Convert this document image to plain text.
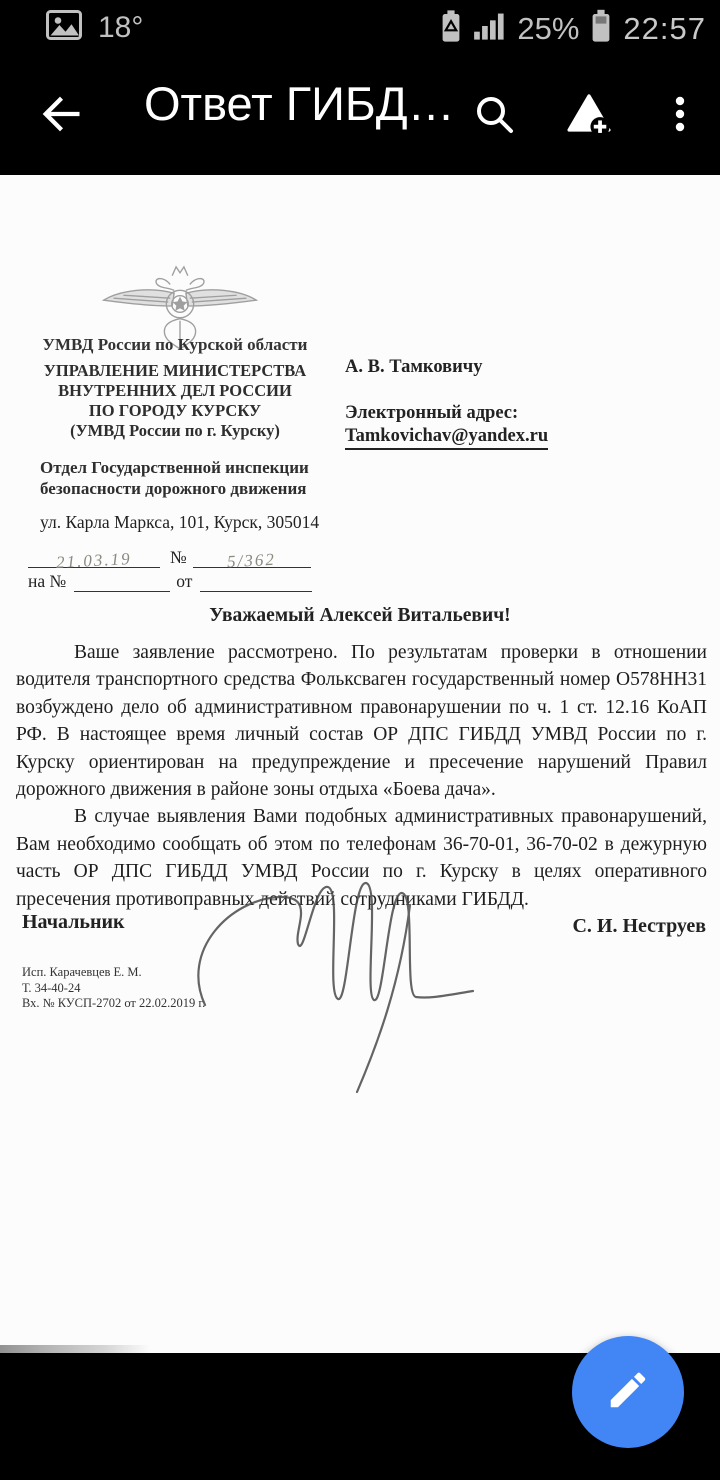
18°	25% 22:57
Ответ ГИБД…
УМВД России по Курской области
УПРАВЛЕНИЕ МИНИСТЕРСТВА
ВНУТРЕННИХ ДЕЛ РОССИИ
ПО ГОРОДУ КУРСКУ
(УМВД России по г. Курску)
А. В. Тамковичу
Электронный адрес:
Tamkovichav@yandex.ru
Отдел Государственной инспекции
безопасности дорожного движения
ул. Карла Маркса, 101, Курск, 305014
21.03.19	№	5/362
на №	от
Уважаемый Алексей Витальевич!

Ваше заявление рассмотрено. По результатам проверки в отношении водителя транспортного средства Фольксваген государственный номер О578НН31 возбуждено дело об административном правонарушении по ч. 1 ст. 12.16 КоАП РФ. В настоящее время личный состав ОР ДПС ГИБДД УМВД России по г. Курску ориентирован на предупреждение и пресечение нарушений Правил дорожного движения в районе зоны отдыха «Боева дача».

В случае выявления Вами подобных административных правонарушений, Вам необходимо сообщать об этом по телефонам 36-70-01, 36-70-02 в дежурную часть ОР ДПС ГИБДД УМВД России по г. Курску в целях оперативного пресечения противоправных действий сотрудниками ГИБДД.

Начальник	С. И. Неструев
Исп. Карачевцев Е. М.
Т. 34-40-24
Вх. № КУСП-2702 от 22.02.2019 г.
